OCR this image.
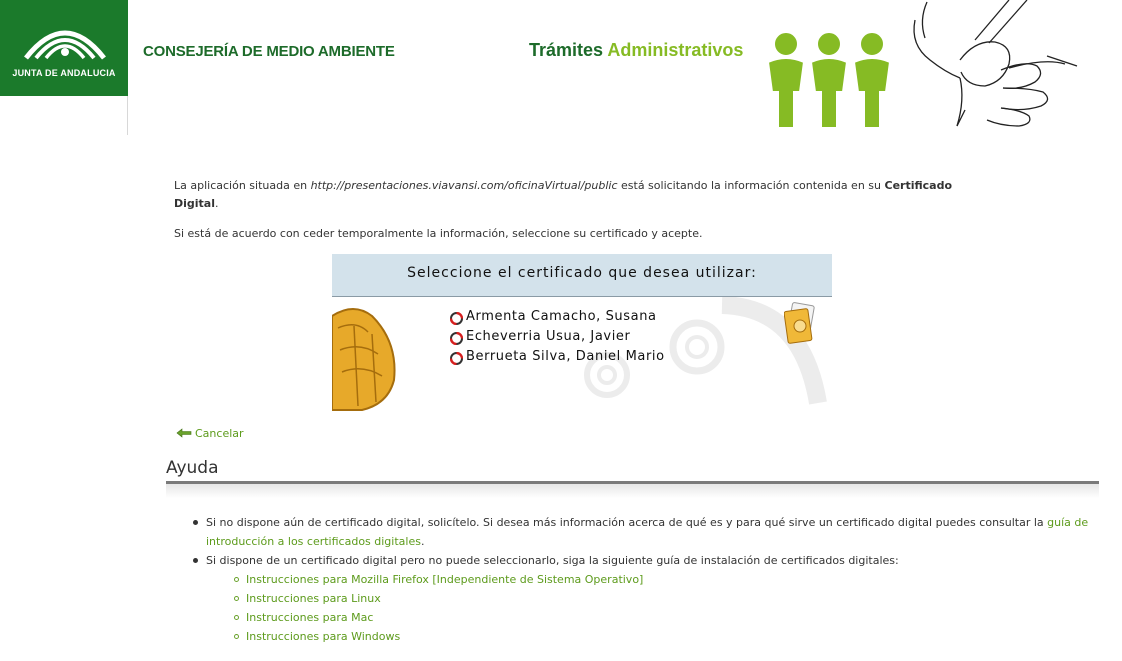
JUNTA DE ANDALUCIA
CONSEJERÍA DE MEDIO AMBIENTE	Trámites Administrativos
La aplicación situada en http://presentaciones.viavansi.com/oficinaVirtual/public está solicitando la información contenida en su Certificado
Digital.
Si está de acuerdo con ceder temporalmente la información, seleccione su certificado y acepte.
Seleccione el certificado que desea utilizar:
Armenta Camacho, Susana
Echeverria Usua, Javier
Berrueta Silva, Daniel Mario
Cancelar
Ayuda
Si no dispone aún de certificado digital, solicítelo. Si desea más información acerca de qué es y para qué sirve un certificado digital puedes consultar la guía de
introducción a los certificados digitales.
Si dispone de un certificado digital pero no puede seleccionarlo, siga la siguiente guía de instalación de certificados digitales:
Instrucciones para Mozilla Firefox [Independiente de Sistema Operativo]
Instrucciones para Linux
Instrucciones para Mac
Instrucciones para Windows
